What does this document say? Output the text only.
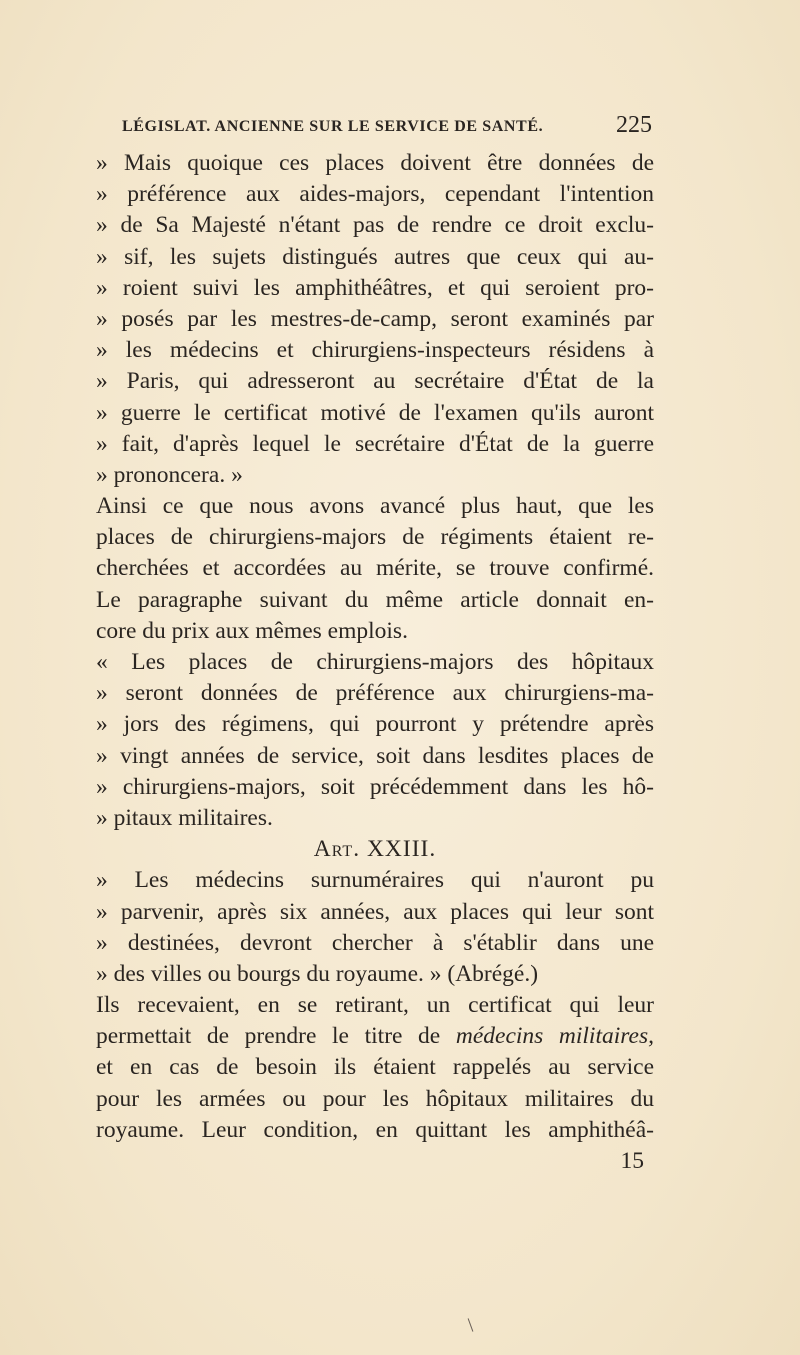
LÉGISLAT. ANCIENNE SUR LE SERVICE DE SANTÉ.	225
» Mais quoique ces places doivent être données de
» préférence aux aides-majors, cependant l'intention
» de Sa Majesté n'étant pas de rendre ce droit exclu-
» sif, les sujets distingués autres que ceux qui au-
» roient suivi les amphithéâtres, et qui seroient pro-
» posés par les mestres-de-camp, seront examinés par
» les médecins et chirurgiens-inspecteurs résidens à
» Paris, qui adresseront au secrétaire d'État de la
» guerre le certificat motivé de l'examen qu'ils auront
» fait, d'après lequel le secrétaire d'État de la guerre
» prononcera. »
Ainsi ce que nous avons avancé plus haut, que les
places de chirurgiens-majors de régiments étaient re-
cherchées et accordées au mérite, se trouve confirmé.
Le paragraphe suivant du même article donnait en-
core du prix aux mêmes emplois.
« Les places de chirurgiens-majors des hôpitaux
» seront données de préférence aux chirurgiens-ma-
» jors des régimens, qui pourront y prétendre après
» vingt années de service, soit dans lesdites places de
» chirurgiens-majors, soit précédemment dans les hô-
» pitaux militaires.
Art. XXIII.
» Les médecins surnuméraires qui n'auront pu
» parvenir, après six années, aux places qui leur sont
» destinées, devront chercher à s'établir dans une
» des villes ou bourgs du royaume. » (Abrégé.)
Ils recevaient, en se retirant, un certificat qui leur
permettait de prendre le titre de médecins militaires,
et en cas de besoin ils étaient rappelés au service
pour les armées ou pour les hôpitaux militaires du
royaume. Leur condition, en quittant les amphithéâ-
15
